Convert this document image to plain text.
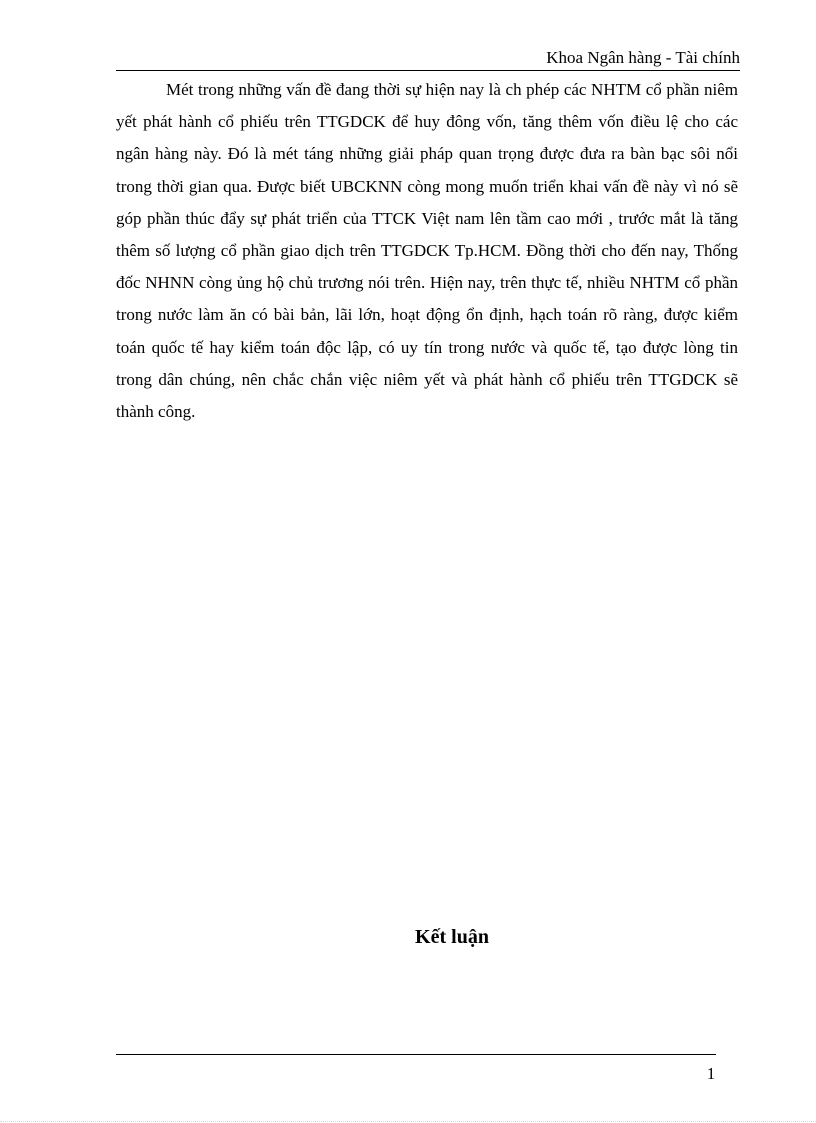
Khoa Ngân hàng - Tài chính

Mét trong những vấn đề đang thời sự hiện nay là ch phép các NHTM cổ phần niêm yết phát hành cổ phiếu trên TTGDCK để huy đông vốn, tăng thêm vốn điều lệ cho các ngân hàng này. Đó là mét táng những giải pháp quan trọng được đưa ra bàn bạc sôi nổi trong thời gian qua. Được biết UBCKNN còng mong muốn triển khai vấn đề này vì nó sẽ góp phần thúc đẩy sự phát triển của TTCK Việt nam lên tầm cao mới , trước mắt là tăng thêm số lượng cổ phần giao dịch trên TTGDCK Tp.HCM. Đồng thời cho đến nay, Thống đốc NHNN còng ủng hộ chủ trương nói trên. Hiện nay, trên thực tế, nhiều NHTM cổ phần trong nước làm ăn có bài bản, lãi lớn, hoạt động ổn định, hạch toán rõ ràng, được kiểm toán quốc tế hay kiểm toán độc lập, có uy tín trong nước và quốc tế, tạo được lòng tin trong dân chúng, nên chắc chắn việc niêm yết và phát hành cổ phiếu trên TTGDCK sẽ thành công.

Kết luận
1
